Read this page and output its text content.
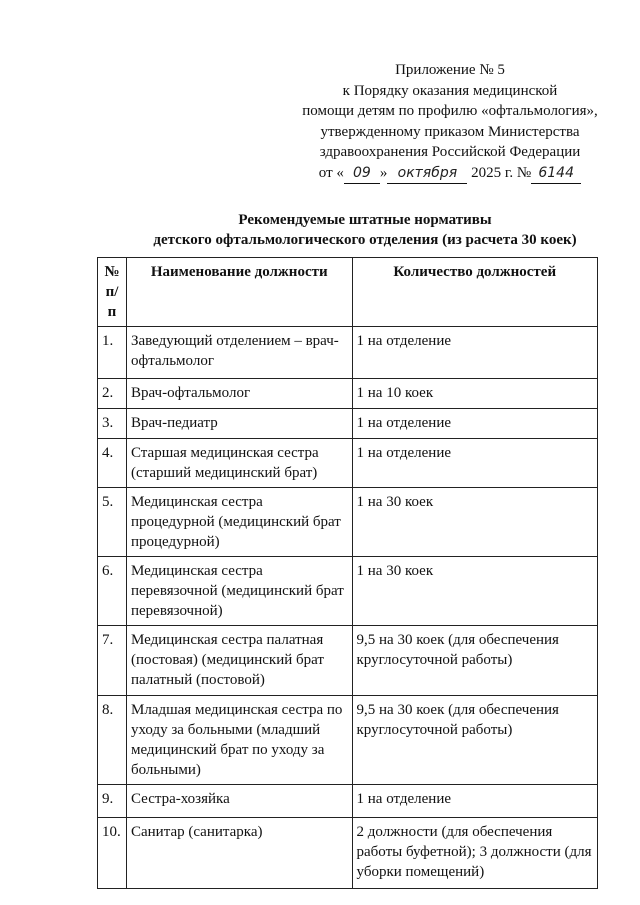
Приложение № 5
к Порядку оказания медицинской
помощи детям по профилю «офтальмология»,
утвержденному приказом Министерства
здравоохранения Российской Федерации
от « 09 » октября 2025 г. № 6144
Рекомендуемые штатные нормативы
детского офтальмологического отделения (из расчета 30 коек)
№ п/п	Наименование должности	Количество должностей
1.	Заведующий отделением – врач-офтальмолог	1 на отделение
2.	Врач-офтальмолог	1 на 10 коек
3.	Врач-педиатр	1 на отделение
4.	Старшая медицинская сестра (старший медицинский брат)	1 на отделение
5.	Медицинская сестра процедурной (медицинский брат процедурной)	1 на 30 коек
6.	Медицинская сестра перевязочной (медицинский брат перевязочной)	1 на 30 коек
7.	Медицинская сестра палатная (постовая) (медицинский брат палатный (постовой)	9,5 на 30 коек (для обеспечения круглосуточной работы)
8.	Младшая медицинская сестра по уходу за больными (младший медицинский брат по уходу за больными)	9,5 на 30 коек (для обеспечения круглосуточной работы)
9.	Сестра-хозяйка	1 на отделение
10.	Санитар (санитарка)	2 должности (для обеспечения работы буфетной); 3 должности (для уборки помещений)
